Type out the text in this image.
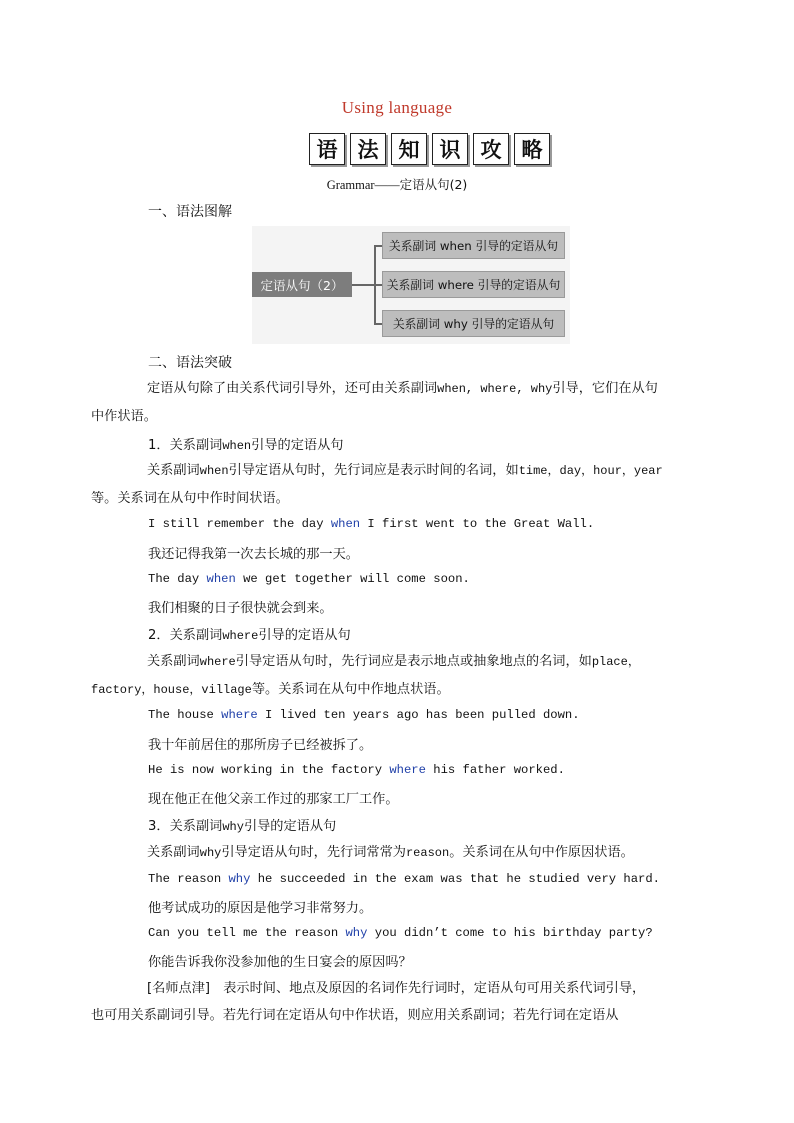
Using language
语 法 知 识 攻 略
Grammar——定语从句(2)
一、语法图解
定语从句（2）
关系副词 when 引导的定语从句
关系副词 where 引导的定语从句
关系副词 why 引导的定语从句
二、语法突破
定语从句除了由关系代词引导外，还可由关系副词when, where, why引导，它们在从句
中作状语。
1．关系副词when引导的定语从句
关系副词when引导定语从句时，先行词应是表示时间的名词，如time，day，hour，year
等。关系词在从句中作时间状语。
I still remember the day when I first went to the Great Wall.
我还记得我第一次去长城的那一天。
The day when we get together will come soon.
我们相聚的日子很快就会到来。
2．关系副词where引导的定语从句
关系副词where引导定语从句时，先行词应是表示地点或抽象地点的名词，如place，
factory，house，village等。关系词在从句中作地点状语。
The house where I lived ten years ago has been pulled down.
我十年前居住的那所房子已经被拆了。
He is now working in the factory where his father worked.
现在他正在他父亲工作过的那家工厂工作。
3．关系副词why引导的定语从句
关系副词why引导定语从句时，先行词常常为reason。关系词在从句中作原因状语。
The reason why he succeeded in the exam was that he studied very hard.
他考试成功的原因是他学习非常努力。
Can you tell me the reason why you didn’t come to his birthday party?
你能告诉我你没参加他的生日宴会的原因吗？
[名师点津]　表示时间、地点及原因的名词作先行词时，定语从句可用关系代词引导，
也可用关系副词引导。若先行词在定语从句中作状语，则应用关系副词；若先行词在定语从
